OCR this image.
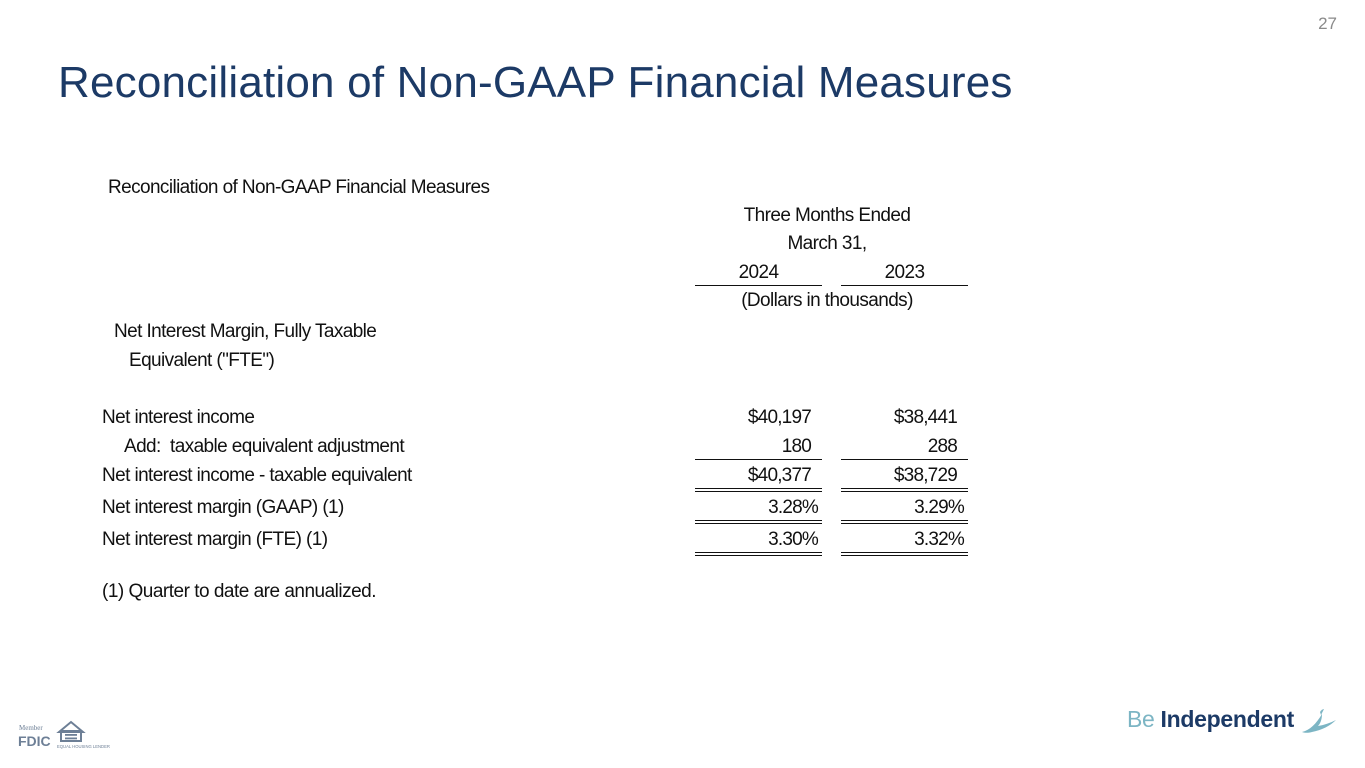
27
Reconciliation of Non-GAAP Financial Measures
Reconciliation of Non-GAAP Financial Measures
Three Months Ended
March 31,
2024	2023
(Dollars in thousands)
Net Interest Margin, Fully Taxable
Equivalent ("FTE")
Net interest income	$40,197	$38,441
Add:  taxable equivalent adjustment	180	288
Net interest income - taxable equivalent	$40,377	$38,729
Net interest margin (GAAP) (1)	3.28%	3.29%
Net interest margin (FTE) (1)	3.30%	3.32%
(1) Quarter to date are annualized.
Member
FDIC EQUAL HOUSING LENDER
Be Independent
